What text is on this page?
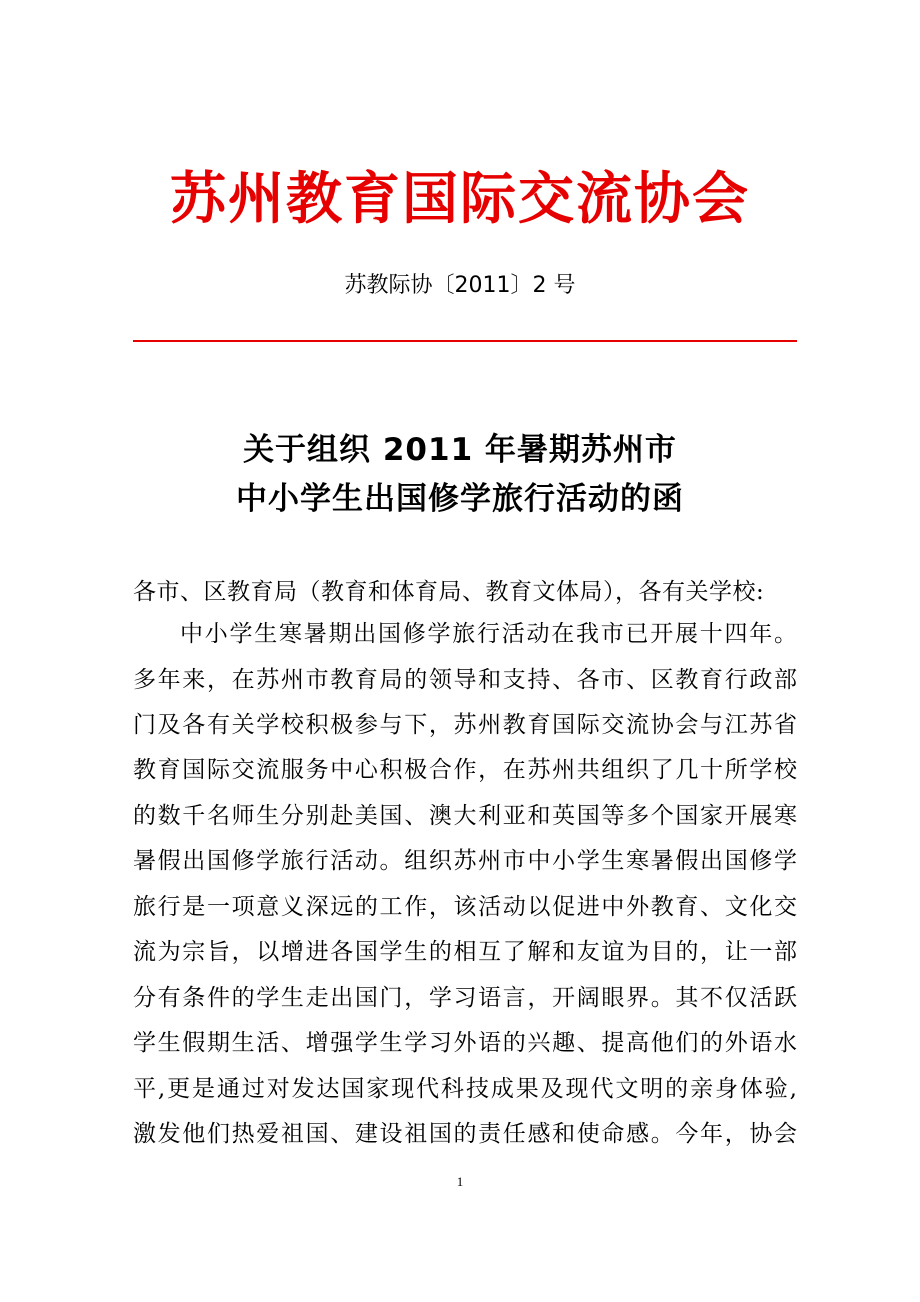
苏州教育国际交流协会
苏教际协〔2011〕2 号
关于组织 2011 年暑期苏州市
中小学生出国修学旅行活动的函
各市、区教育局（教育和体育局、教育文体局），各有关学校:
中小学生寒暑期出国修学旅行活动在我市已开展十四年。
多年来，在苏州市教育局的领导和支持、各市、区教育行政部
门及各有关学校积极参与下，苏州教育国际交流协会与江苏省
教育国际交流服务中心积极合作，在苏州共组织了几十所学校
的数千名师生分别赴美国、澳大利亚和英国等多个国家开展寒
暑假出国修学旅行活动。组织苏州市中小学生寒暑假出国修学
旅行是一项意义深远的工作，该活动以促进中外教育、文化交
流为宗旨，以增进各国学生的相互了解和友谊为目的，让一部
分有条件的学生走出国门，学习语言，开阔眼界。其不仅活跃
学生假期生活、增强学生学习外语的兴趣、提高他们的外语水
平,更是通过对发达国家现代科技成果及现代文明的亲身体验,
激发他们热爱祖国、建设祖国的责任感和使命感。今年，协会
1
